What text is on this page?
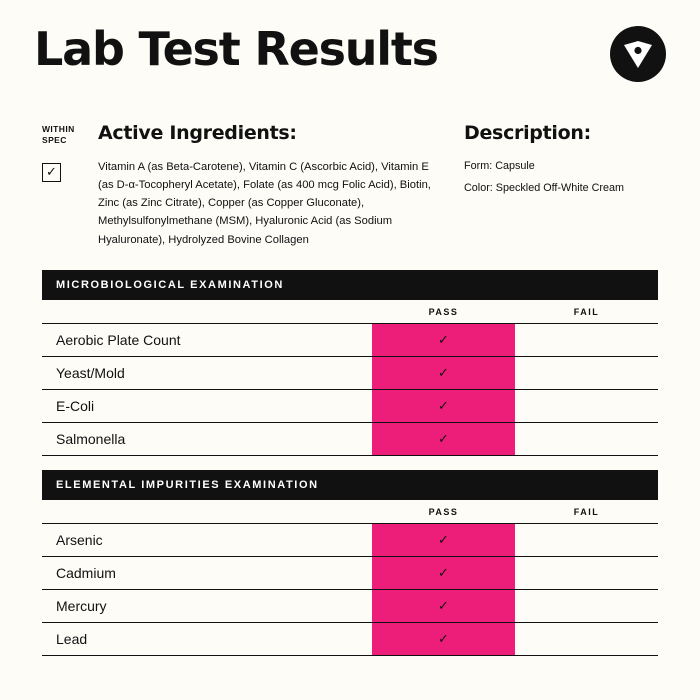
Lab Test Results
WITHIN SPEC
✓
Active Ingredients:
Vitamin A (as Beta-Carotene), Vitamin C (Ascorbic Acid), Vitamin E (as D-α-Tocopheryl Acetate), Folate (as 400 mcg Folic Acid), Biotin, Zinc (as Zinc Citrate), Copper (as Copper Gluconate), Methylsulfonylmethane (MSM), Hyaluronic Acid (as Sodium Hyaluronate), Hydrolyzed Bovine Collagen
Description:
Form: Capsule
Color: Speckled Off-White Cream
MICROBIOLOGICAL EXAMINATION
	PASS	FAIL
Aerobic Plate Count	✓	
Yeast/Mold	✓	
E-Coli	✓	
Salmonella	✓	
ELEMENTAL IMPURITIES EXAMINATION
	PASS	FAIL
Arsenic	✓	
Cadmium	✓	
Mercury	✓	
Lead	✓	
